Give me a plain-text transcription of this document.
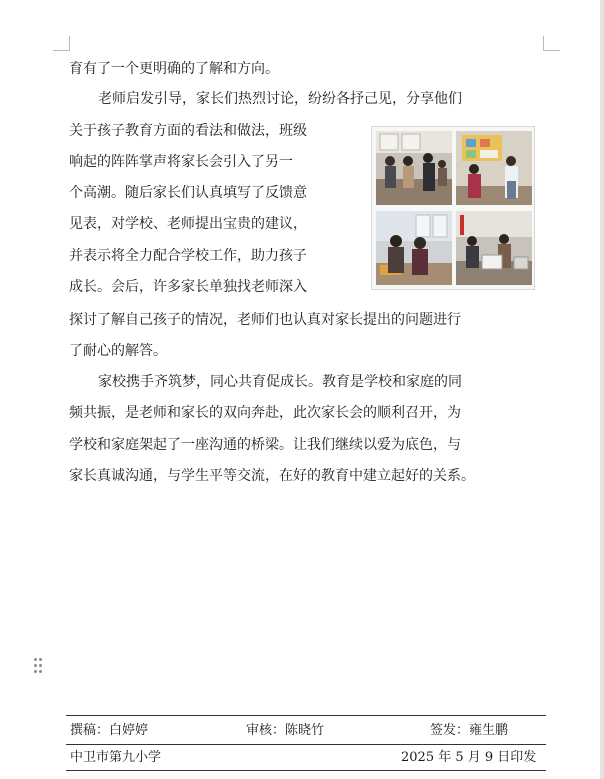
育有了一个更明确的了解和方向。
老师启发引导，家长们热烈讨论，纷纷各抒己见，分享他们
关于孩子教育方面的看法和做法，班级
响起的阵阵掌声将家长会引入了另一
个高潮。随后家长们认真填写了反馈意
见表，对学校、老师提出宝贵的建议，
并表示将全力配合学校工作，助力孩子
成长。会后，许多家长单独找老师深入
探讨了解自己孩子的情况，老师们也认真对家长提出的问题进行
了耐心的解答。
家校携手齐筑梦，同心共育促成长。教育是学校和家庭的同
频共振，是老师和家长的双向奔赴，此次家长会的顺利召开，为
学校和家庭架起了一座沟通的桥梁。让我们继续以爱为底色，与
家长真诚沟通，与学生平等交流，在好的教育中建立起好的关系。
撰稿：白婷婷	审核：陈晓竹	签发：雍生鹏
中卫市第九小学	2025 年 5 月 9 日印发
